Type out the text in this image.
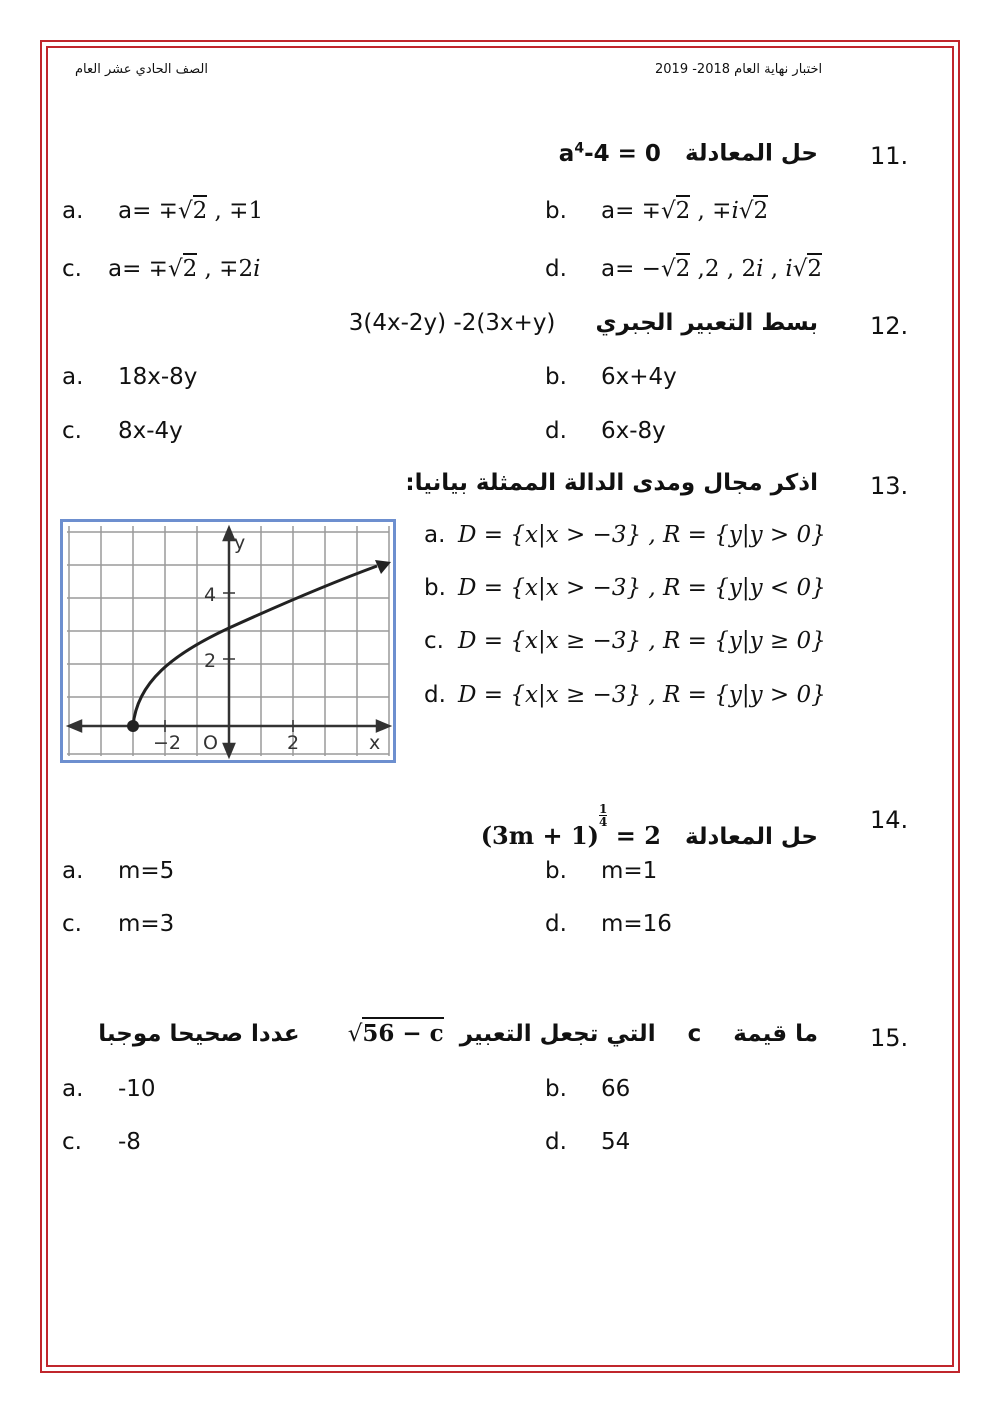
اختبار نهاية العام 2018- 2019
الصف الحادي عشر العام
11.
حل المعادلة   $a^4-4 = 0$
a. a= ∓√2 , ∓1	b. a= ∓√2 , ∓i√2
c. a= ∓√2 , ∓2i	d. a= −√2 ,2 , 2i , i√2
12.
بسط التعبير الجبري     3(4x-2y) -2(3x+y)
a. 18x-8y	b. 6x+4y
c. 8x-4y	d. 6x-8y
13.
اذكر مجال ومدى الدالة الممثلة بيانيا:
y
4
2
−2 O	2	x
a. D = {x|x > −3} , R = {y|y > 0}
b. D = {x|x > −3} , R = {y|y < 0}
c. D = {x|x ≥ −3} , R = {y|y ≥ 0}
d. D = {x|x ≥ −3} , R = {y|y > 0}
14.
حل المعادلة   (3m + 1)
$\frac{1}{4}$
= 2
a. m=5	b. m=1
c. m=3	d. m=16
15.
ما قيمة    c    التي تجعل التعبير  √56 − c      عددا صحيحا موجبا
a. -10	b. 66
c. -8	d. 54
